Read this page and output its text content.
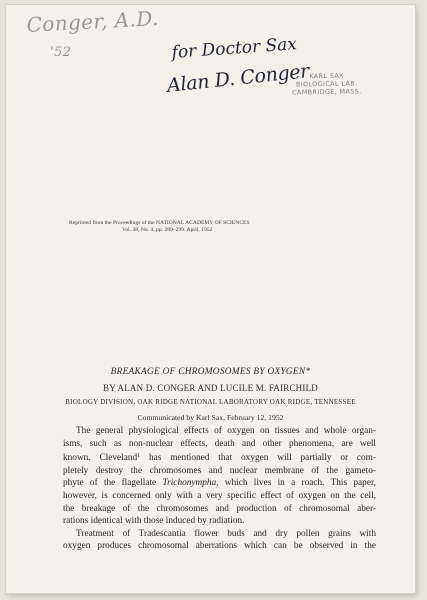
Conger, A.D.
'52	for Doctor Sax
Alan D. Conger KARL SAX
BIOLOGICAL LAB.
CAMBRIDGE, MASS.
Reprinted from the Proceedings of the NATIONAL ACADEMY OF SCIENCES
Vol. 38, No. 4, pp. 289–299. April, 1952
BREAKAGE OF CHROMOSOMES BY OXYGEN*
BY ALAN D. CONGER AND LUCILE M. FAIRCHILD
BIOLOGY DIVISION, OAK RIDGE NATIONAL LABORATORY OAK RIDGE, TENNESSEE
Communicated by Karl Sax, February 12, 1952
The general physiological effects of oxygen on tissues and whole organ-
isms, such as non-nuclear effects, death and other phenomena, are well
known. Cleveland$^1$ has mentioned that oxygen will partially or com-
pletely destroy the chromosomes and nuclear membrane of the gameto-
phyte of the flagellate Trichonympha, which lives in a roach. This paper,
however, is concerned only with a very specific effect of oxygen on the cell,
the breakage of the chromosomes and production of chromosomal aber-
rations identical with those induced by radiation.
Treatment of Tradescantia flower buds and dry pollen grains with
oxygen produces chromosomal aberrations which can be observed in the
